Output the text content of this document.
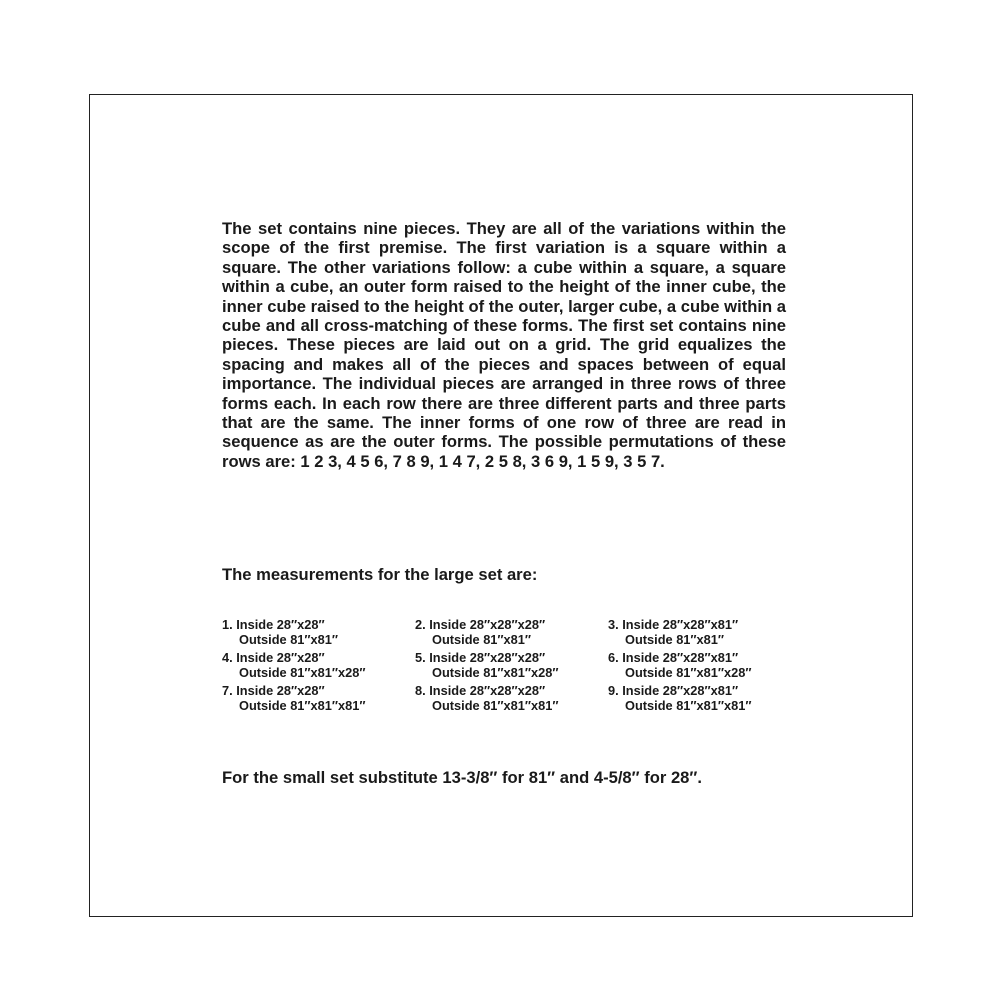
The set contains nine pieces. They are all of the variations within the scope of the first premise. The first variation is a square within a square. The other variations follow: a cube within a square, a square within a cube, an outer form raised to the height of the inner cube, the inner cube raised to the height of the outer, larger cube, a cube within a cube and all cross-matching of these forms. The first set contains nine pieces. These pieces are laid out on a grid. The grid equalizes the spacing and makes all of the pieces and spaces between of equal importance. The individual pieces are arranged in three rows of three forms each. In each row there are three different parts and three parts that are the same. The inner forms of one row of three are read in sequence as are the outer forms. The possible permutations of these rows are: 1 2 3, 4 5 6, 7 8 9, 1 4 7, 2 5 8, 3 6 9, 1 5 9, 3 5 7.

The measurements for the large set are:

1. Inside 28″x28″
Outside 81″x81″
2. Inside 28″x28″x28″
Outside 81″x81″
3. Inside 28″x28″x81″
Outside 81″x81″
4. Inside 28″x28″
Outside 81″x81″x28″
5. Inside 28″x28″x28″
Outside 81″x81″x28″
6. Inside 28″x28″x81″
Outside 81″x81″x28″
7. Inside 28″x28″
Outside 81″x81″x81″
8. Inside 28″x28″x28″
Outside 81″x81″x81″
9. Inside 28″x28″x81″
Outside 81″x81″x81″

For the small set substitute 13-3/8″ for 81″ and 4-5/8″ for 28″.
